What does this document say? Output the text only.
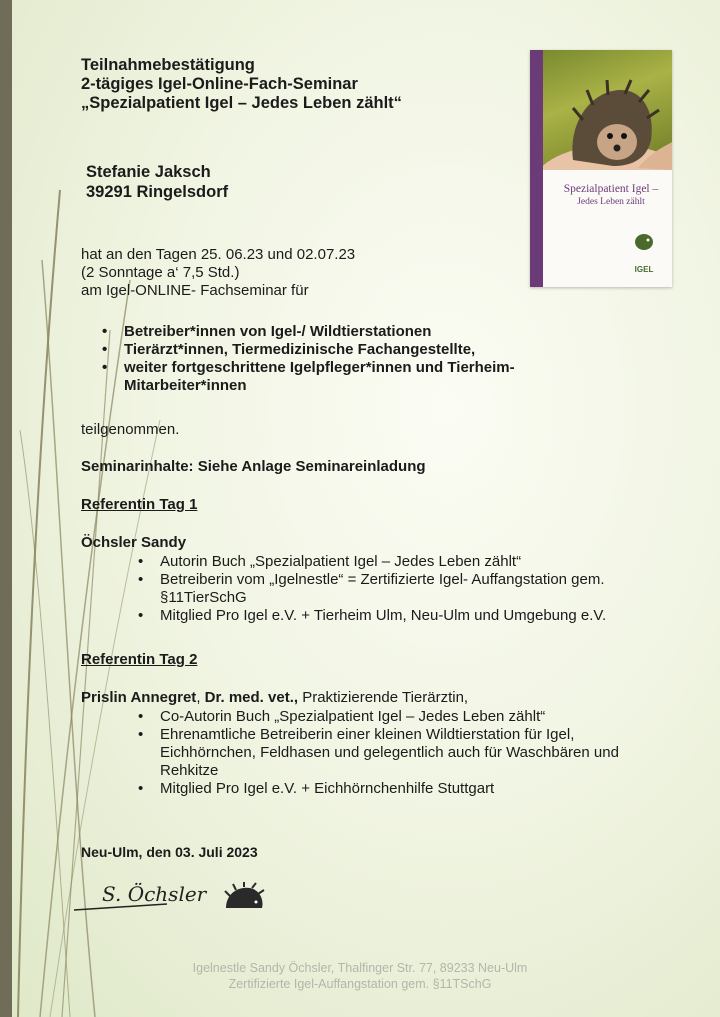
Teilnahmebestätigung
2-tägiges Igel-Online-Fach-Seminar
„Spezialpatient Igel – Jedes Leben zählt“
Spezialpatient Igel –
Jedes Leben zählt
IGEL
Stefanie Jaksch
39291 Ringelsdorf
hat an den Tagen 25. 06.23 und 02.07.23
(2 Sonntage a‘ 7,5 Std.)
am Igel-ONLINE- Fachseminar für
• Betreiber*innen von Igel-/ Wildtierstationen
• Tierärzt*innen, Tiermedizinische Fachangestellte,
• weiter fortgeschrittene Igelpfleger*innen und Tierheim-Mitarbeiter*innen
teilgenommen.
Seminarinhalte: Siehe Anlage Seminareinladung
Referentin Tag 1
Öchsler Sandy
• Autorin Buch „Spezialpatient Igel – Jedes Leben zählt“
• Betreiberin vom „Igelnestle“ = Zertifizierte Igel- Auffangstation gem. §11TierSchG
• Mitglied Pro Igel e.V. + Tierheim Ulm, Neu-Ulm und Umgebung e.V.
Referentin Tag 2
Prislin Annegret, Dr. med. vet., Praktizierende Tierärztin,
• Co-Autorin Buch „Spezialpatient Igel – Jedes Leben zählt“
• Ehrenamtliche Betreiberin einer kleinen Wildtierstation für Igel, Eichhörnchen, Feldhasen und gelegentlich auch für Waschbären und Rehkitze
• Mitglied Pro Igel e.V. + Eichhörnchenhilfe Stuttgart
Neu-Ulm, den 03. Juli 2023
S. Öchsler
Igelnestle Sandy Öchsler, Thalfinger Str. 77, 89233 Neu-Ulm
Zertifizierte Igel-Auffangstation gem. §11TSchG
